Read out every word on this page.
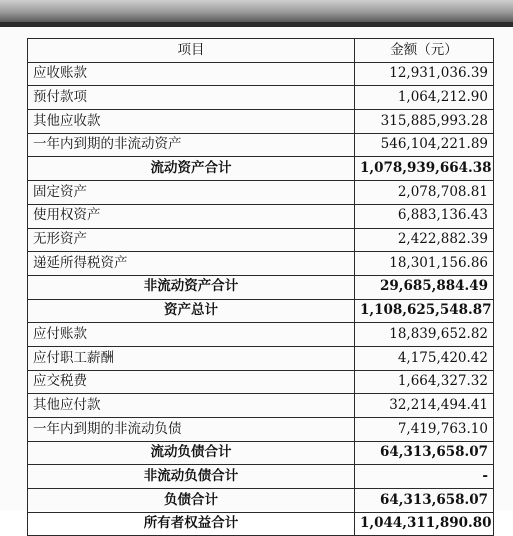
项目	金额（元）
应收账款	12,931,036.39
预付款项	1,064,212.90
其他应收款	315,885,993.28
一年内到期的非流动资产	546,104,221.89
流动资产合计	1,078,939,664.38
固定资产	2,078,708.81
使用权资产	6,883,136.43
无形资产	2,422,882.39
递延所得税资产	18,301,156.86
非流动资产合计	29,685,884.49
资产总计	1,108,625,548.87
应付账款	18,839,652.82
应付职工薪酬	4,175,420.42
应交税费	1,664,327.32
其他应付款	32,214,494.41
一年内到期的非流动负债	7,419,763.10
流动负债合计	64,313,658.07
非流动负债合计	-
负债合计	64,313,658.07
所有者权益合计	1,044,311,890.80
